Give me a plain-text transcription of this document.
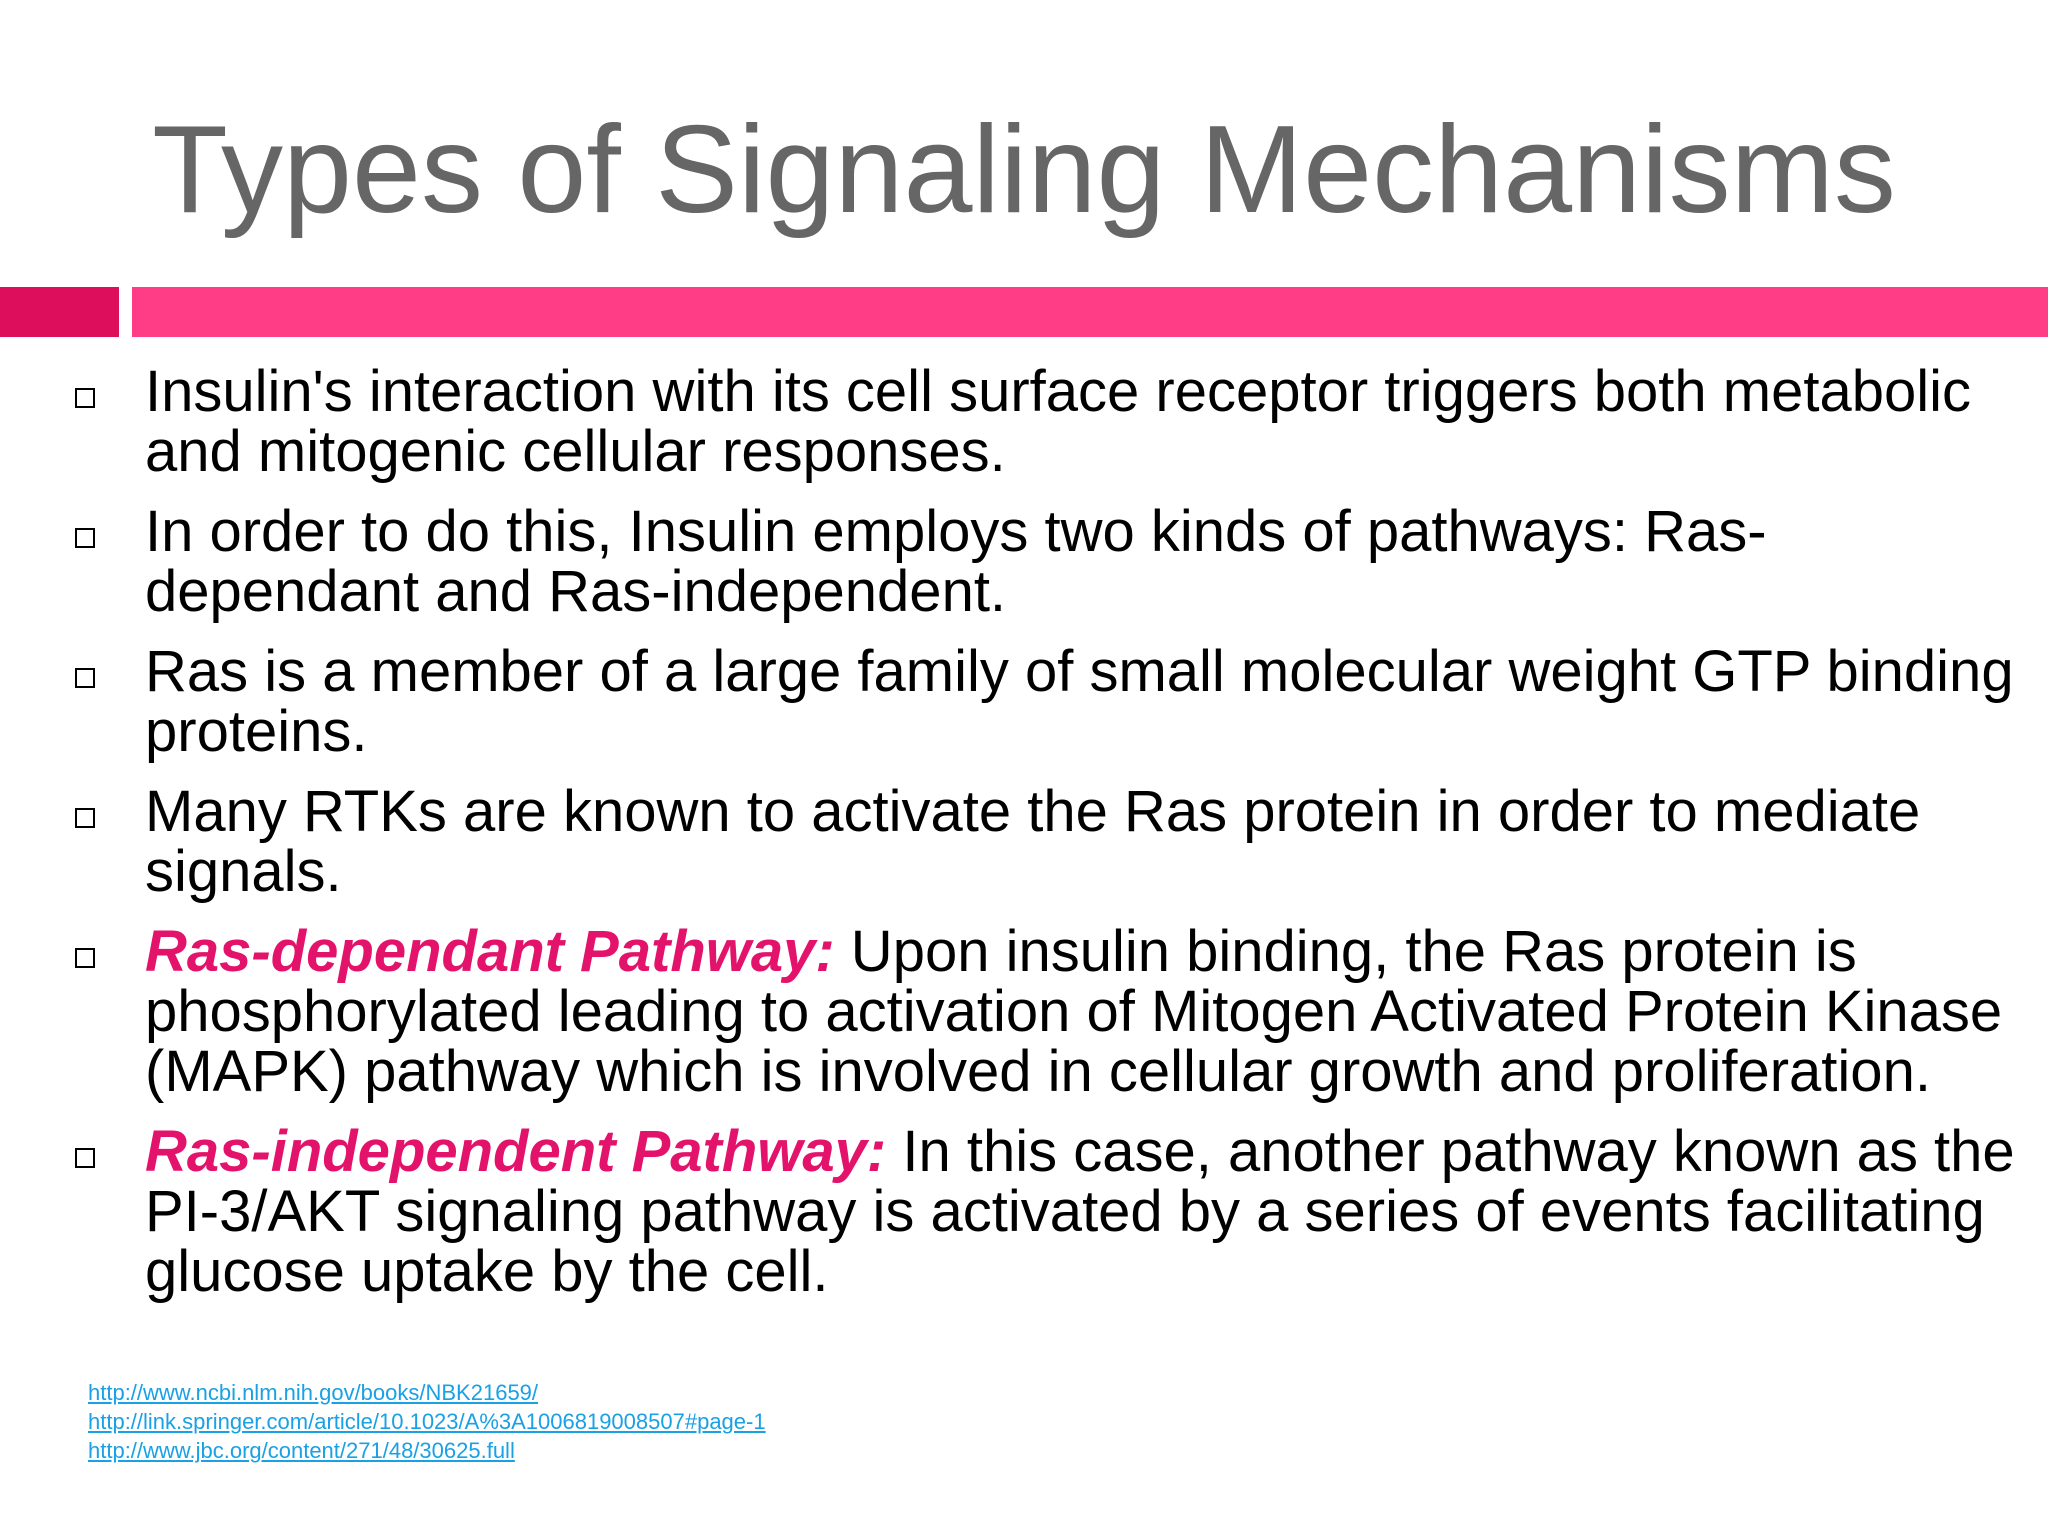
Types of Signaling Mechanisms
Insulin's interaction with its cell surface receptor triggers both metabolic and mitogenic cellular responses.
In order to do this, Insulin employs two kinds of pathways: Ras-dependant and Ras-independent.
Ras is a member of a large family of small molecular weight GTP binding proteins.
Many RTKs are known to activate the Ras protein in order to mediate signals.
Ras-dependant Pathway: Upon insulin binding, the Ras protein is phosphorylated leading to activation of Mitogen Activated Protein Kinase (MAPK) pathway which is involved in cellular growth and proliferation.
Ras-independent Pathway: In this case, another pathway known as the PI-3/AKT signaling pathway is activated by a series of events facilitating glucose uptake by the cell.
http://www.ncbi.nlm.nih.gov/books/NBK21659/
http://link.springer.com/article/10.1023/A%3A1006819008507#page-1
http://www.jbc.org/content/271/48/30625.full
